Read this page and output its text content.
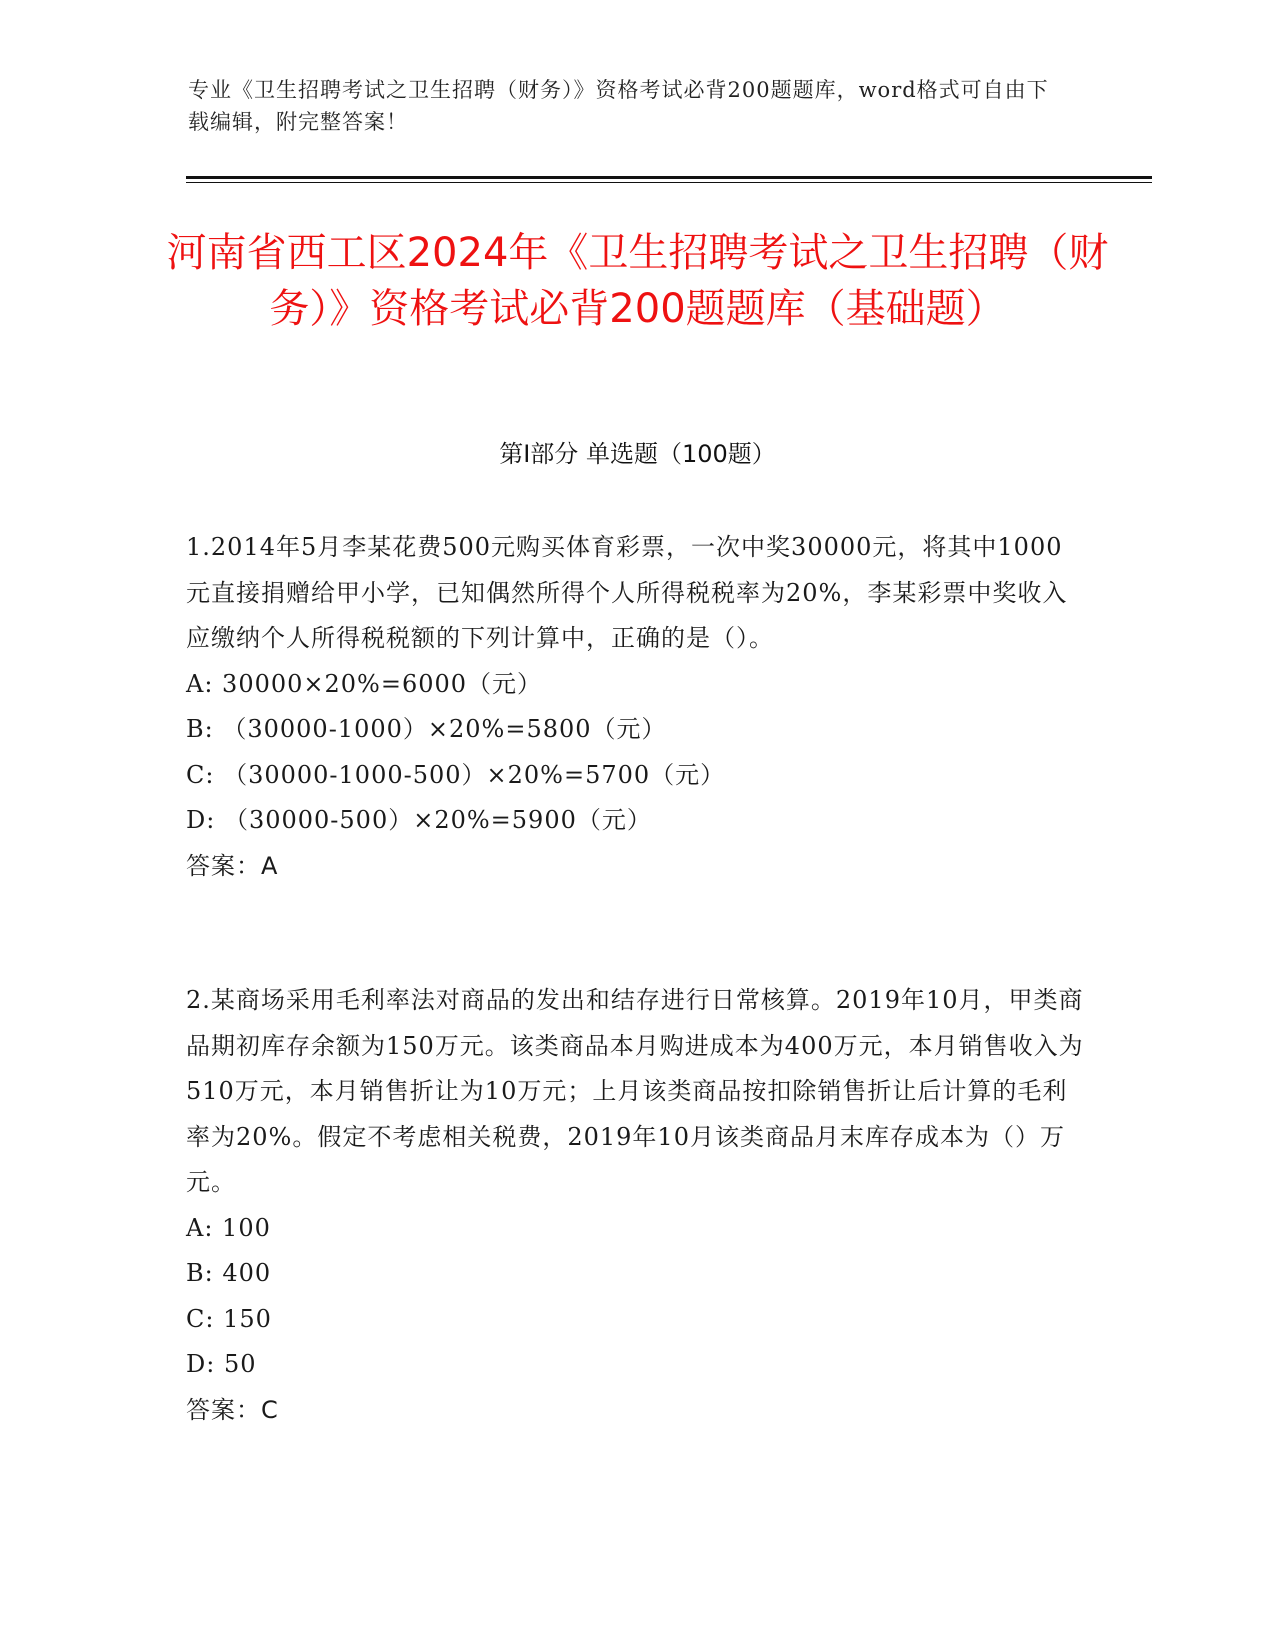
专业《卫生招聘考试之卫生招聘（财务）》资格考试必背200题题库，word格式可自由下载编辑，附完整答案！
河南省西工区2024年《卫生招聘考试之卫生招聘（财务）》资格考试必背200题题库（基础题）
第Ⅰ部分 单选题（100题）
1.2014年5月李某花费500元购买体育彩票，一次中奖30000元，将其中1000元直接捐赠给甲小学，已知偶然所得个人所得税税率为20%，李某彩票中奖收入应缴纳个人所得税税额的下列计算中，正确的是（）。
A: 30000×20%=6000（元）
B: （30000-1000）×20%=5800（元）
C: （30000-1000-500）×20%=5700（元）
D: （30000-500）×20%=5900（元）
答案：A
2.某商场采用毛利率法对商品的发出和结存进行日常核算。2019年10月，甲类商品期初库存余额为150万元。该类商品本月购进成本为400万元，本月销售收入为510万元，本月销售折让为10万元；上月该类商品按扣除销售折让后计算的毛利率为20%。假定不考虑相关税费，2019年10月该类商品月末库存成本为（）万元。
A: 100
B: 400
C: 150
D: 50
答案：C
